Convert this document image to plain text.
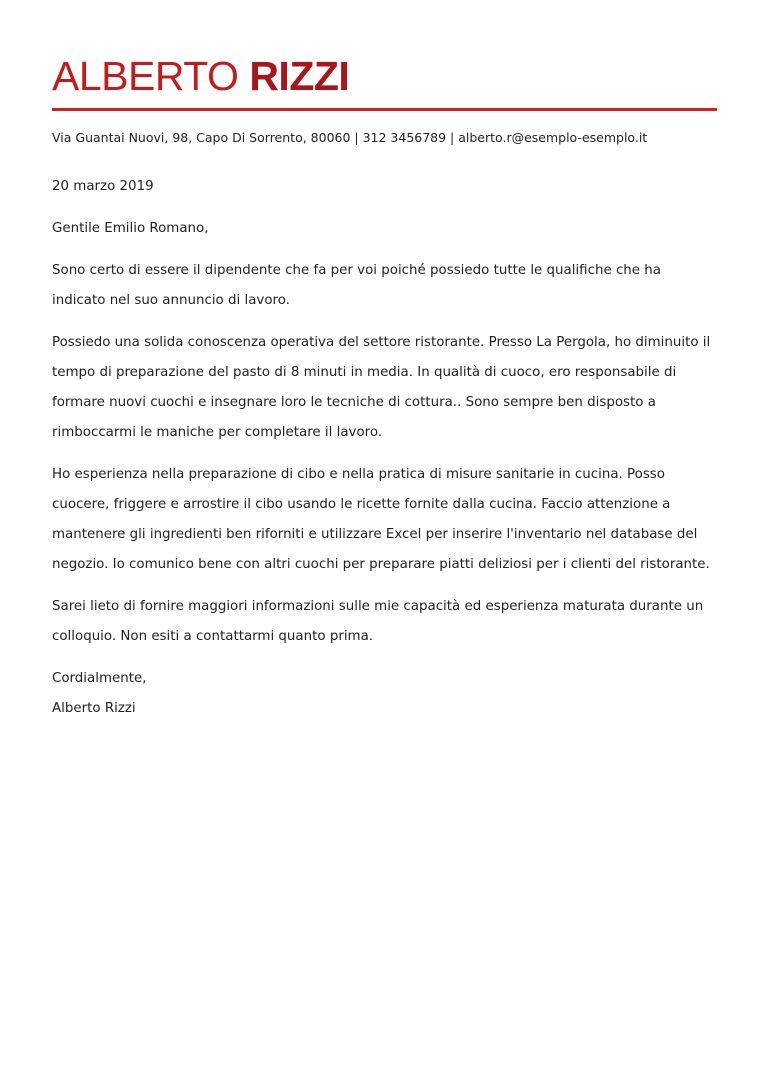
ALBERTO RIZZI
Via Guantai Nuovi, 98, Capo Di Sorrento, 80060 | 312 3456789 | alberto.r@esemplo-esemplo.it

20 marzo 2019

Gentile Emilio Romano,

Sono certo di essere il dipendente che fa per voi poiché possiedo tutte le qualifiche che ha indicato nel suo annuncio di lavoro.

Possiedo una solida conoscenza operativa del settore ristorante. Presso La Pergola, ho diminuito il tempo di preparazione del pasto di 8 minuti in media. In qualità di cuoco, ero responsabile di formare nuovi cuochi e insegnare loro le tecniche di cottura.. Sono sempre ben disposto a rimboccarmi le maniche per completare il lavoro.

Ho esperienza nella preparazione di cibo e nella pratica di misure sanitarie in cucina. Posso cuocere, friggere e arrostire il cibo usando le ricette fornite dalla cucina. Faccio attenzione a mantenere gli ingredienti ben riforniti e utilizzare Excel per inserire l'inventario nel database del negozio. Io comunico bene con altri cuochi per preparare piatti deliziosi per i clienti del ristorante.

Sarei lieto di fornire maggiori informazioni sulle mie capacità ed esperienza maturata durante un colloquio. Non esiti a contattarmi quanto prima.

Cordialmente,

Alberto Rizzi
